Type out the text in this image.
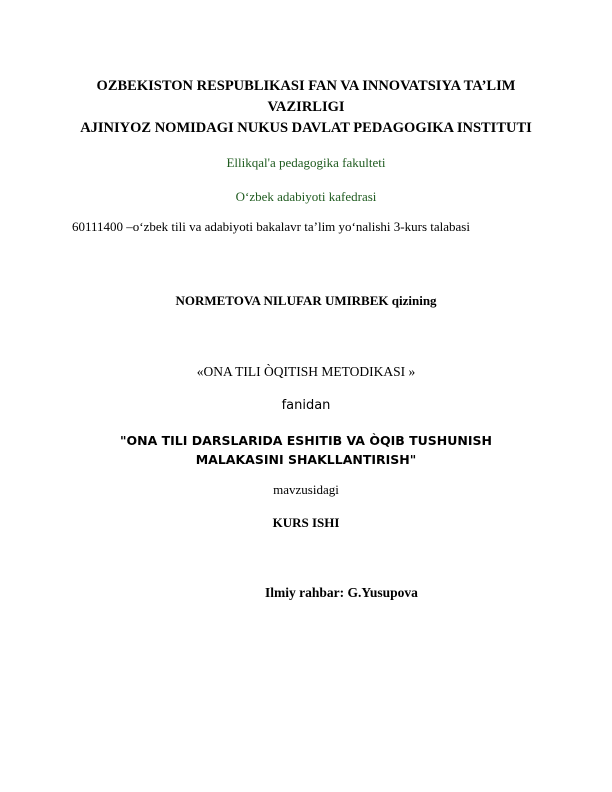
OZBEKISTON RESPUBLIKASI FAN VA INNOVATSIYA TA’LIM VAZIRLIGI
AJINIYOZ NOMIDAGI NUKUS DAVLAT PEDAGOGIKA INSTITUTI
Ellikqal'a pedagogika fakulteti
O‘zbek adabiyoti kafedrasi
60111400 –o‘zbek tili va adabiyoti bakalavr ta’lim yo‘nalishi 3-kurs talabasi
NORMETOVA NILUFAR UMIRBEK qizining
«ONA TILI ÒQITISH METODIKASI »
fanidan
"ONA TILI DARSLARIDA ESHITIB VA ÒQIB TUSHUNISH MALAKASINI SHAKLLANTIRISH"
mavzusidagi
KURS ISHI
Ilmiy rahbar: G.Yusupova
